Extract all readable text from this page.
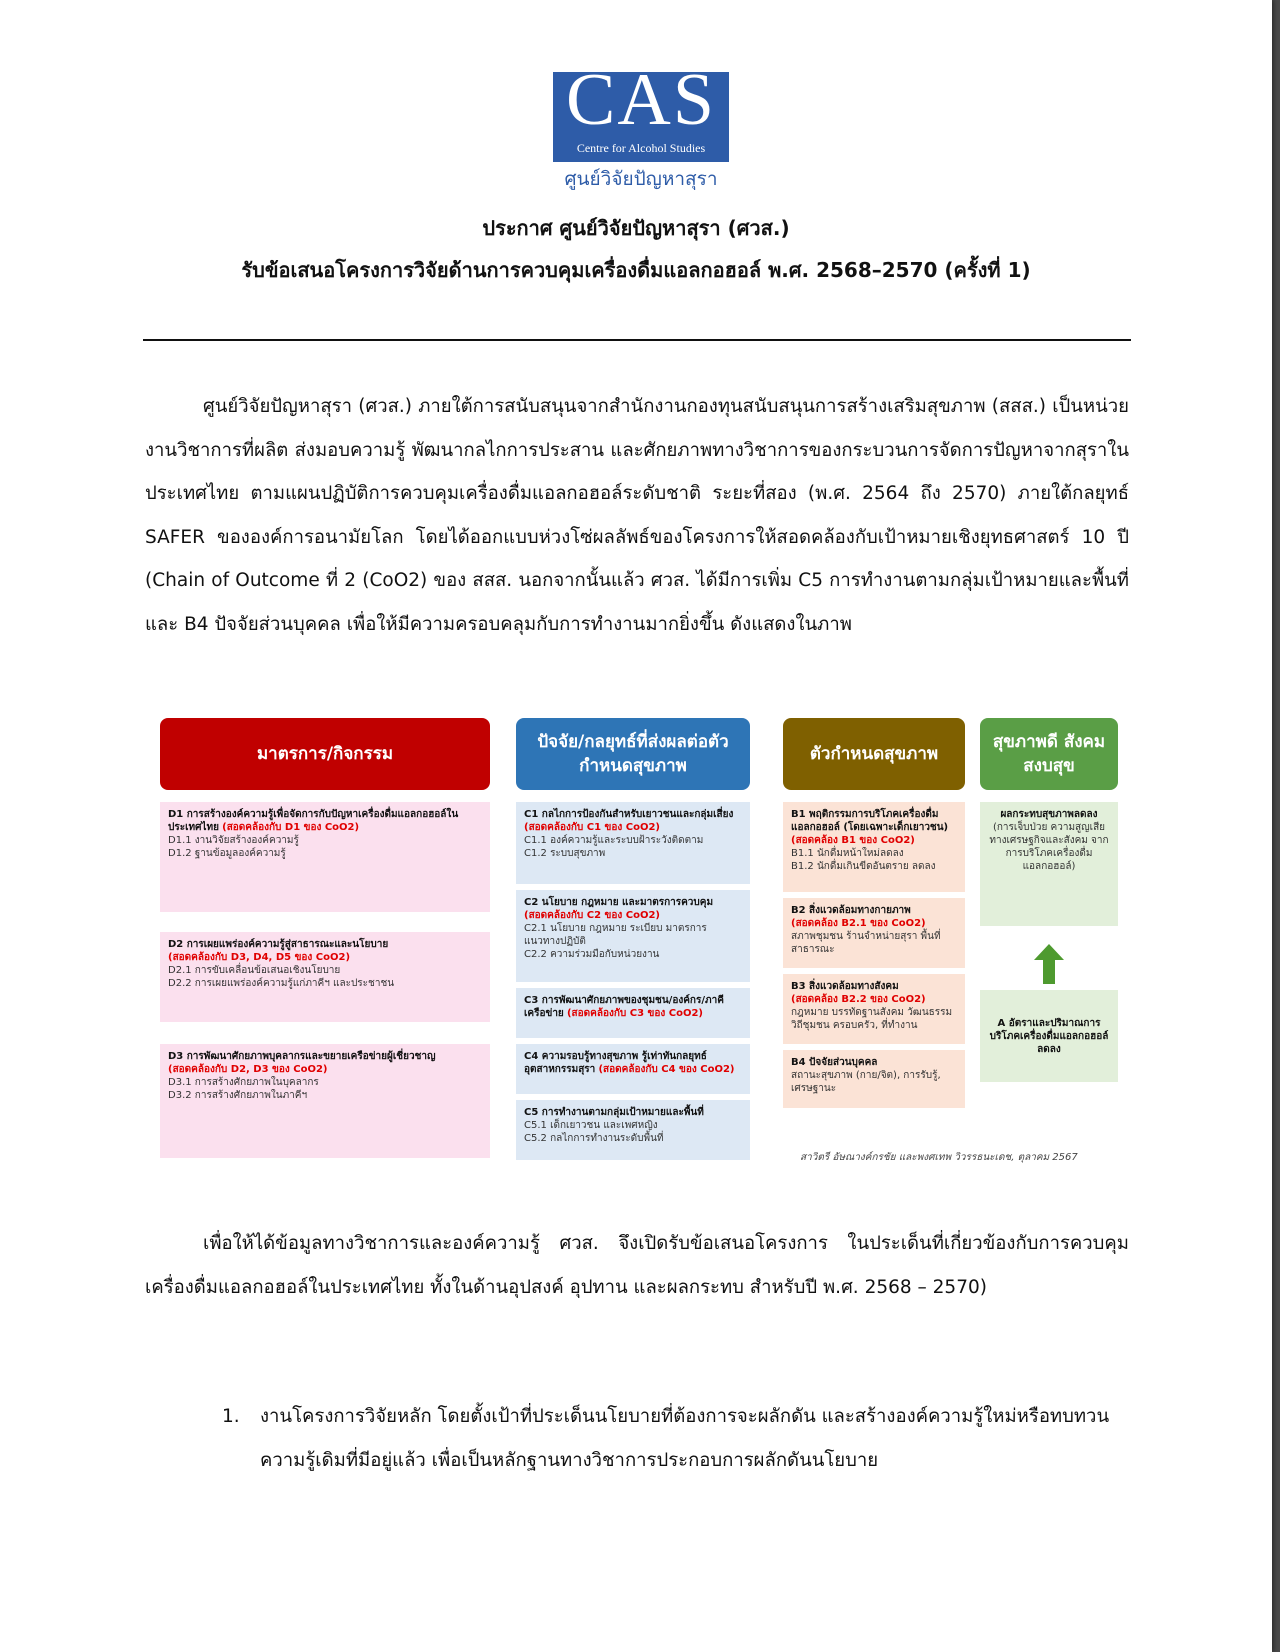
CAS
Centre for Alcohol Studies
ศูนย์วิจัยปัญหาสุรา
ประกาศ ศูนย์วิจัยปัญหาสุรา (ศวส.)
รับข้อเสนอโครงการวิจัยด้านการควบคุมเครื่องดื่มแอลกอฮอล์ พ.ศ. 2568–2570 (ครั้งที่ 1)
ศูนย์วิจัยปัญหาสุรา (ศวส.) ภายใต้การสนับสนุนจากสำนักงานกองทุนสนับสนุนการสร้างเสริมสุขภาพ (สสส.) เป็นหน่วยงานวิชาการที่ผลิต ส่งมอบความรู้ พัฒนากลไกการประสาน และศักยภาพทางวิชาการของกระบวนการจัดการปัญหาจากสุราในประเทศไทย ตามแผนปฏิบัติการควบคุมเครื่องดื่มแอลกอฮอล์ระดับชาติ ระยะที่สอง (พ.ศ. 2564 ถึง 2570) ภายใต้กลยุทธ์ SAFER ขององค์การอนามัยโลก โดยได้ออกแบบห่วงโซ่ผลลัพธ์ของโครงการให้สอดคล้องกับเป้าหมายเชิงยุทธศาสตร์ 10 ปี (Chain of Outcome ที่ 2 (CoO2) ของ สสส. นอกจากนั้นแล้ว ศวส. ได้มีการเพิ่ม C5 การทำงานตามกลุ่มเป้าหมายและพื้นที่ และ B4 ปัจจัยส่วนบุคคล เพื่อให้มีความครอบคลุมกับการทำงานมากยิ่งขึ้น ดังแสดงในภาพ
มาตรการ/กิจกรรม
ปัจจัย/กลยุทธ์ที่ส่งผลต่อตัวกำหนดสุขภาพ
ตัวกำหนดสุขภาพ
สุขภาพดี สังคมสงบสุข
D1 การสร้างองค์ความรู้เพื่อจัดการกับปัญหาเครื่องดื่มแอลกอฮอล์ในประเทศไทย (สอดคล้องกับ D1 ของ CoO2)
D1.1 งานวิจัยสร้างองค์ความรู้
D1.2 ฐานข้อมูลองค์ความรู้
D2 การเผยแพร่องค์ความรู้สู่สาธารณะและนโยบาย
(สอดคล้องกับ D3, D4, D5 ของ CoO2)
D2.1 การขับเคลื่อนข้อเสนอเชิงนโยบาย
D2.2 การเผยแพร่องค์ความรู้แก่ภาคีฯ และประชาชน
D3 การพัฒนาศักยภาพบุคลากรและขยายเครือข่ายผู้เชี่ยวชาญ
(สอดคล้องกับ D2, D3 ของ CoO2)
D3.1 การสร้างศักยภาพในบุคลากร
D3.2 การสร้างศักยภาพในภาคีฯ
C1 กลไกการป้องกันสำหรับเยาวชนและกลุ่มเสี่ยง (สอดคล้องกับ C1 ของ CoO2)
C1.1 องค์ความรู้และระบบฝ้าระวังติดตาม
C1.2 ระบบสุขภาพ
C2 นโยบาย กฎหมาย และมาตรการควบคุม
(สอดคล้องกับ C2 ของ CoO2)
C2.1 นโยบาย กฎหมาย ระเบียบ มาตรการ แนวทางปฏิบัติ
C2.2 ความร่วมมือกับหน่วยงาน
C3 การพัฒนาศักยภาพของชุมชน/องค์กร/ภาคีเครือข่าย (สอดคล้องกับ C3 ของ CoO2)
C4 ความรอบรู้ทางสุขภาพ รู้เท่าทันกลยุทธ์อุตสาหกรรมสุรา (สอดคล้องกับ C4 ของ CoO2)
C5 การทำงานตามกลุ่มเป้าหมายและพื้นที่
C5.1 เด็กเยาวชน และเพศหญิง
C5.2 กลไกการทำงานระดับพื้นที่
B1 พฤติกรรมการบริโภคเครื่องดื่มแอลกอฮอล์ (โดยเฉพาะเด็กเยาวชน)
(สอดคล้อง B1 ของ CoO2)
B1.1 นักดื่มหน้าใหม่ลดลง
B1.2 นักดื่มเกินขีดอันตราย ลดลง
B2 สิ่งแวดล้อมทางกายภาพ
(สอดคล้อง B2.1 ของ CoO2)
สภาพชุมชน ร้านจำหน่ายสุรา พื้นที่สาธารณะ
B3 สิ่งแวดล้อมทางสังคม
(สอดคล้อง B2.2 ของ CoO2)
กฎหมาย บรรทัดฐานสังคม วัฒนธรรม วิถีชุมชน ครอบครัว, ที่ทำงาน
B4 ปัจจัยส่วนบุคคล
สถานะสุขภาพ (กาย/จิต), การรับรู้, เศรษฐานะ
ผลกระทบสุขภาพลดลง
(การเจ็บป่วย ความสูญเสีย ทางเศรษฐกิจและสังคม จากการบริโภคเครื่องดื่มแอลกอฮอล์)
A อัตราและปริมาณการบริโภคเครื่องดื่มแอลกอฮอล์ลดลง
สาวิตรี อัษณางค์กรชัย และพงศเทพ วิวรรธนะเดช, ตุลาคม 2567
เพื่อให้ได้ข้อมูลทางวิชาการและองค์ความรู้ ศวส. จึงเปิดรับข้อเสนอโครงการ ในประเด็นที่เกี่ยวข้องกับการควบคุมเครื่องดื่มแอลกอฮอล์ในประเทศไทย ทั้งในด้านอุปสงค์ อุปทาน และผลกระทบ สำหรับปี พ.ศ. 2568 – 2570)
1. งานโครงการวิจัยหลัก โดยตั้งเป้าที่ประเด็นนโยบายที่ต้องการจะผลักดัน และสร้างองค์ความรู้ใหม่หรือทบทวนความรู้เดิมที่มีอยู่แล้ว เพื่อเป็นหลักฐานทางวิชาการประกอบการผลักดันนโยบาย
